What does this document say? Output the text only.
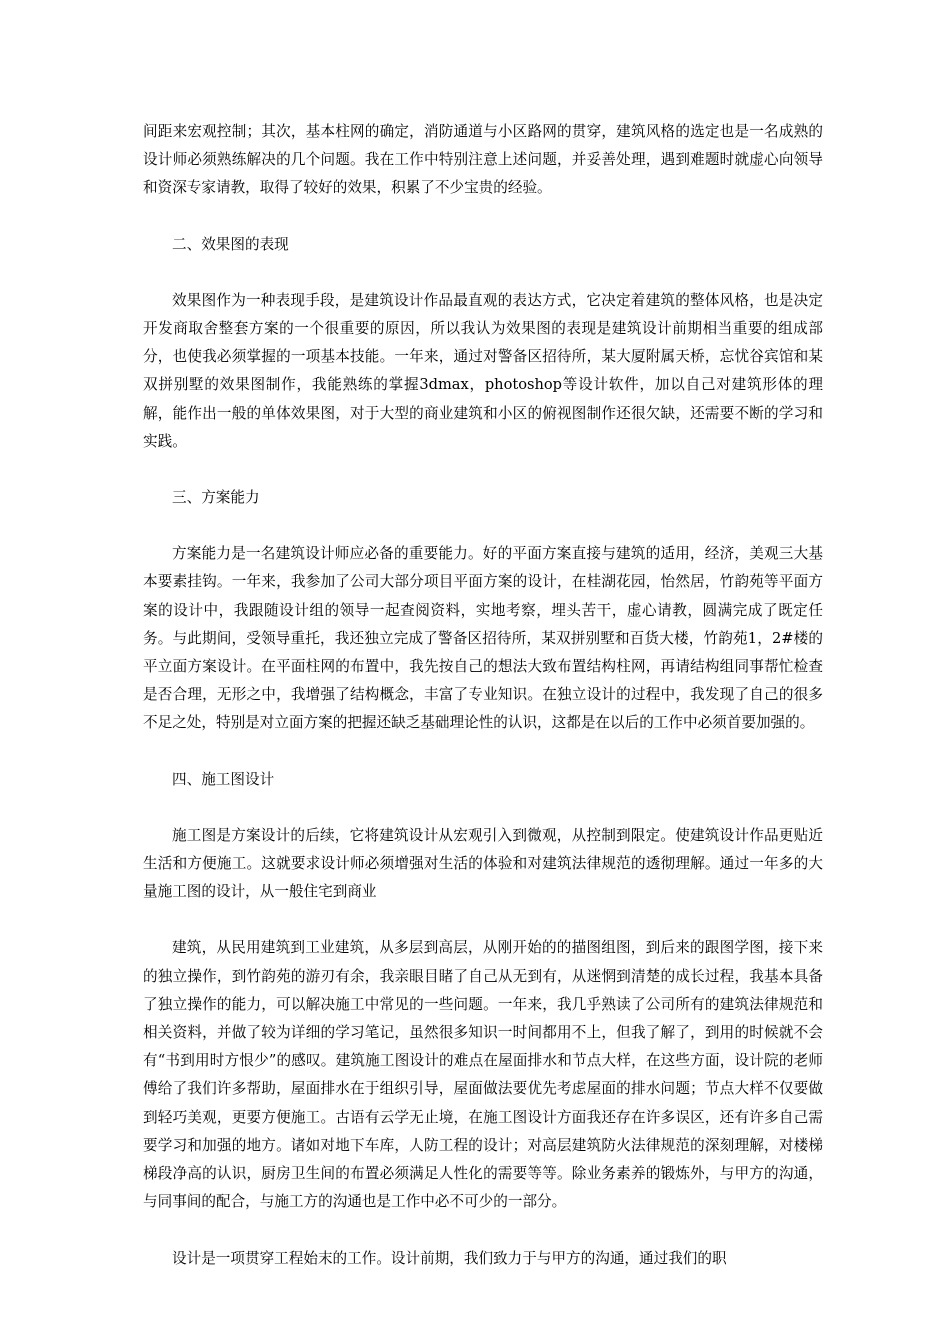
间距来宏观控制；其次，基本柱网的确定，消防通道与小区路网的贯穿，建筑风格的选定也是一名成熟的设计师必须熟练解决的几个问题。我在工作中特别注意上述问题，并妥善处理，遇到难题时就虚心向领导和资深专家请教，取得了较好的效果，积累了不少宝贵的经验。

二、效果图的表现

效果图作为一种表现手段，是建筑设计作品最直观的表达方式，它决定着建筑的整体风格，也是决定开发商取舍整套方案的一个很重要的原因，所以我认为效果图的表现是建筑设计前期相当重要的组成部分，也使我必须掌握的一项基本技能。一年来，通过对警备区招待所，某大厦附属天桥，忘忧谷宾馆和某双拼别墅的效果图制作，我能熟练的掌握3dmax，photoshop等设计软件，加以自己对建筑形体的理解，能作出一般的单体效果图，对于大型的商业建筑和小区的俯视图制作还很欠缺，还需要不断的学习和实践。

三、方案能力

方案能力是一名建筑设计师应必备的重要能力。好的平面方案直接与建筑的适用，经济，美观三大基本要素挂钩。一年来，我参加了公司大部分项目平面方案的设计，在桂湖花园，怡然居，竹韵苑等平面方案的设计中，我跟随设计组的领导一起查阅资料，实地考察，埋头苦干，虚心请教，圆满完成了既定任务。与此期间，受领导重托，我还独立完成了警备区招待所，某双拼别墅和百货大楼，竹韵苑1，2#楼的平立面方案设计。在平面柱网的布置中，我先按自己的想法大致布置结构柱网，再请结构组同事帮忙检查是否合理，无形之中，我增强了结构概念，丰富了专业知识。在独立设计的过程中，我发现了自己的很多不足之处，特别是对立面方案的把握还缺乏基础理论性的认识，这都是在以后的工作中必须首要加强的。

四、施工图设计

施工图是方案设计的后续，它将建筑设计从宏观引入到微观，从控制到限定。使建筑设计作品更贴近生活和方便施工。这就要求设计师必须增强对生活的体验和对建筑法律规范的透彻理解。通过一年多的大量施工图的设计，从一般住宅到商业

建筑，从民用建筑到工业建筑，从多层到高层，从刚开始的的描图组图，到后来的跟图学图，接下来的独立操作，到竹韵苑的游刃有余，我亲眼目睹了自己从无到有，从迷惘到清楚的成长过程，我基本具备了独立操作的能力，可以解决施工中常见的一些问题。一年来，我几乎熟读了公司所有的建筑法律规范和相关资料，并做了较为详细的学习笔记，虽然很多知识一时间都用不上，但我了解了，到用的时候就不会有“书到用时方恨少”的感叹。建筑施工图设计的难点在屋面排水和节点大样，在这些方面，设计院的老师傅给了我们许多帮助，屋面排水在于组织引导，屋面做法要优先考虑屋面的排水问题；节点大样不仅要做到轻巧美观，更要方便施工。古语有云学无止境，在施工图设计方面我还存在许多误区，还有许多自己需要学习和加强的地方。诸如对地下车库，人防工程的设计；对高层建筑防火法律规范的深刻理解，对楼梯梯段净高的认识，厨房卫生间的布置必须满足人性化的需要等等。除业务素养的锻炼外，与甲方的沟通，与同事间的配合，与施工方的沟通也是工作中必不可少的一部分。

设计是一项贯穿工程始末的工作。设计前期，我们致力于与甲方的沟通，通过我们的职
